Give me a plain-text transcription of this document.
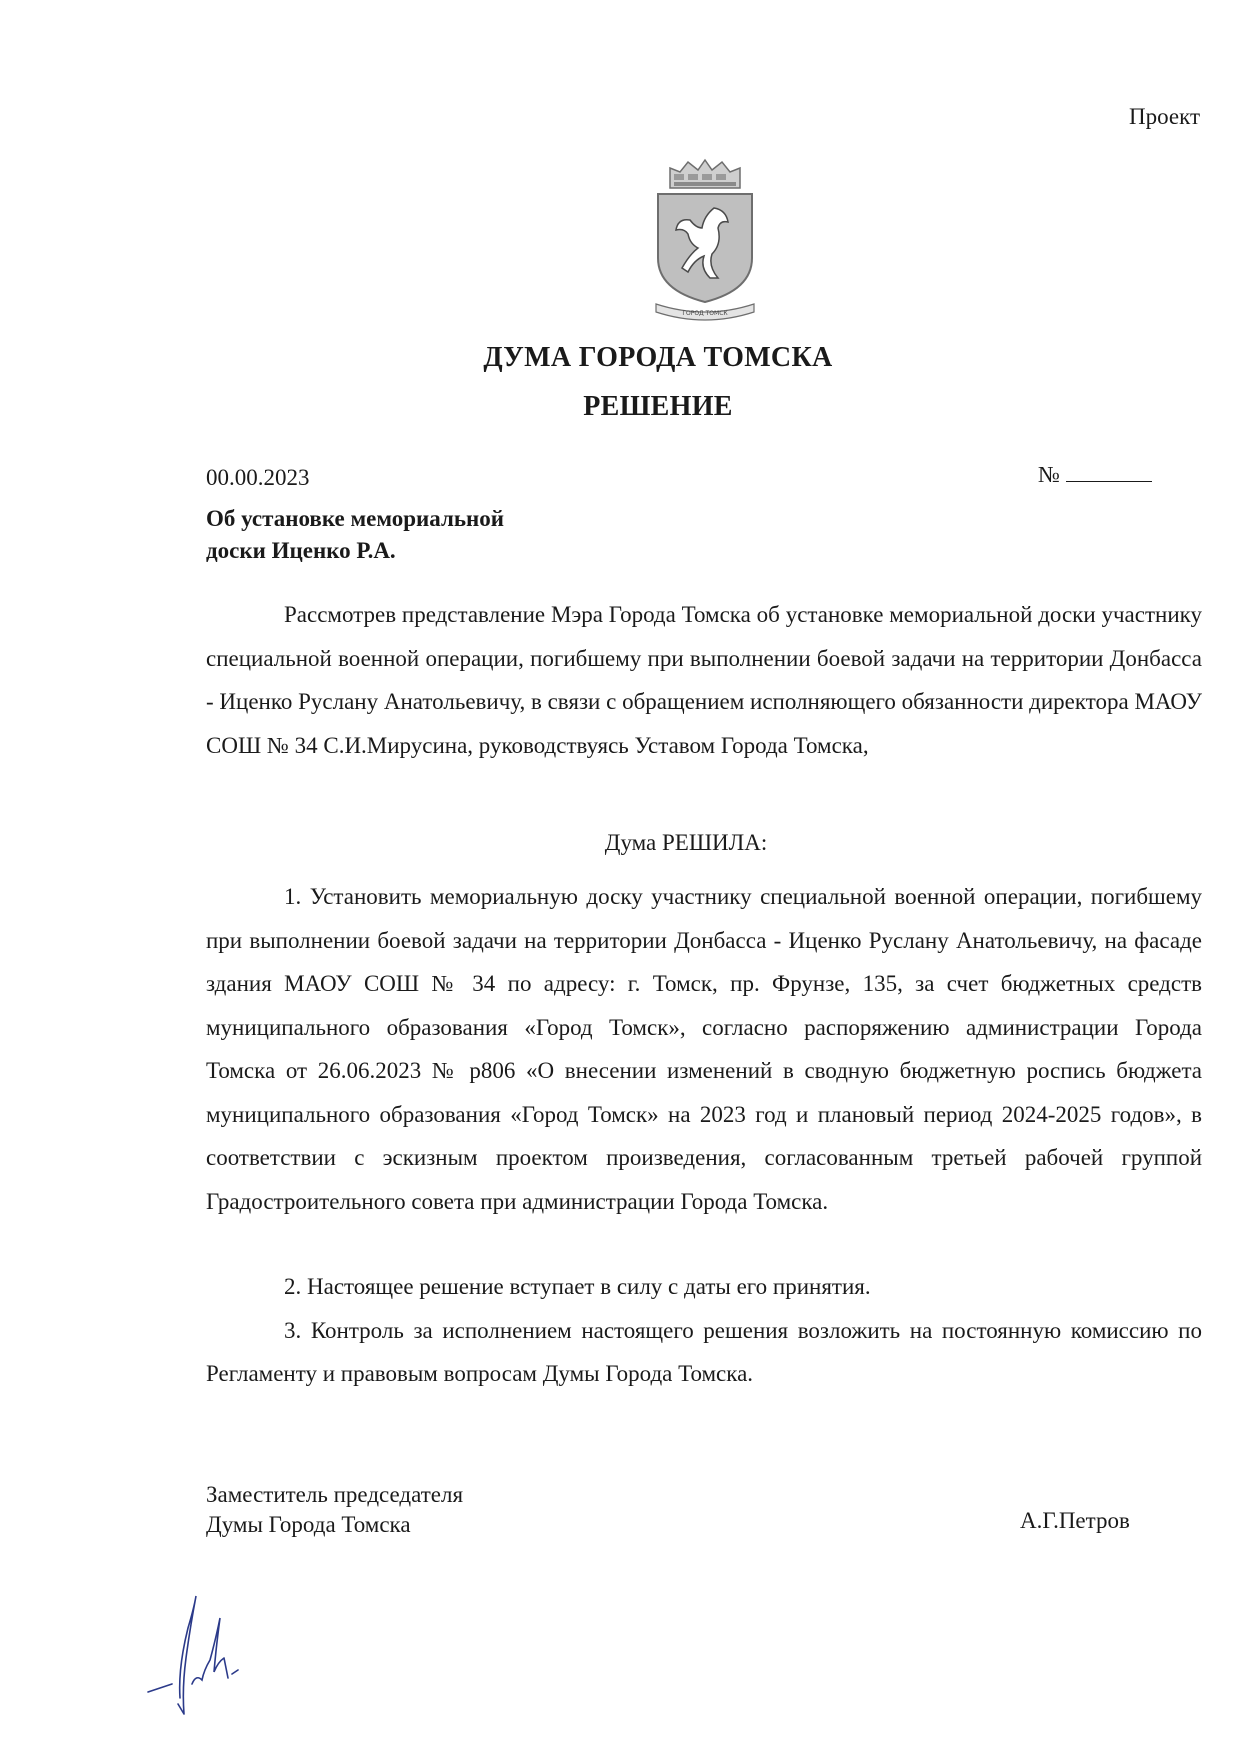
Проект
ГОРОД ТОМСК
ДУМА ГОРОДА ТОМСКА
РЕШЕНИЕ
00.00.2023	№
Об установке мемориальной
доски Иценко Р.А.

Рассмотрев представление Мэра Города Томска об установке мемориальной доски участнику специальной военной операции, погибшему при выполнении боевой задачи на территории Донбасса - Иценко Руслану Анатольевичу, в связи с обращением исполняющего обязанности директора МАОУ СОШ № 34 С.И.Мирусина, руководствуясь Уставом Города Томска,

Дума РЕШИЛА:

1. Установить мемориальную доску участнику специальной военной операции, погибшему при выполнении боевой задачи на территории Донбасса - Иценко Руслану Анатольевичу, на фасаде здания МАОУ СОШ № 34 по адресу: г. Томск, пр. Фрунзе, 135, за счет бюджетных средств муниципального образования «Город Томск», согласно распоряжению администрации Города Томска от 26.06.2023 № р806 «О внесении изменений в сводную бюджетную роспись бюджета муниципального образования «Город Томск» на 2023 год и плановый период 2024-2025 годов», в соответствии с эскизным проектом произведения, согласованным третьей рабочей группой Градостроительного совета при администрации Города Томска.

2. Настоящее решение вступает в силу с даты его принятия.

3. Контроль за исполнением настоящего решения возложить на постоянную комиссию по Регламенту и правовым вопросам Думы Города Томска.

Заместитель председателя
Думы Города Томска	А.Г.Петров
